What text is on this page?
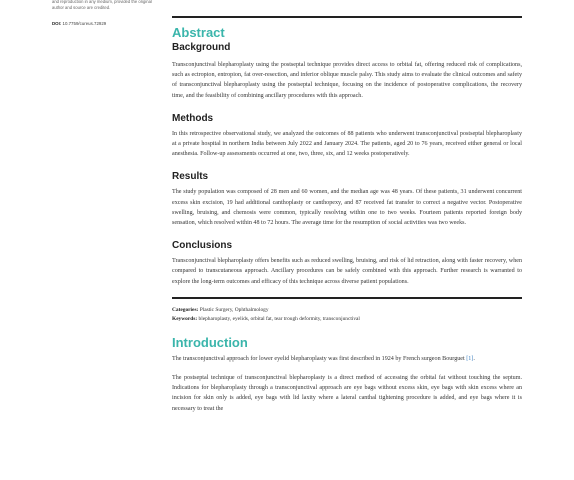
and reproduction in any medium, provided the original author and source are credited.
DOI: 10.7759/cureus.72929
Abstract
Background

Transconjunctival blepharoplasty using the postseptal technique provides direct access to orbital fat, offering reduced risk of complications, such as ectropion, entropion, fat over-resection, and inferior oblique muscle palsy. This study aims to evaluate the clinical outcomes and safety of transconjunctival blepharoplasty using the postseptal technique, focusing on the incidence of postoperative complications, the recovery time, and the feasibility of combining ancillary procedures with this approach.

Methods

In this retrospective observational study, we analyzed the outcomes of 88 patients who underwent transconjunctival postseptal blepharoplasty at a private hospital in northern India between July 2022 and January 2024. The patients, aged 20 to 76 years, received either general or local anesthesia. Follow-up assessments occurred at one, two, three, six, and 12 weeks postoperatively.

Results

The study population was composed of 28 men and 60 women, and the median age was 48 years. Of these patients, 31 underwent concurrent excess skin excision, 19 had additional canthoplasty or canthopexy, and 87 received fat transfer to correct a negative vector. Postoperative swelling, bruising, and chemosis were common, typically resolving within one to two weeks. Fourteen patients reported foreign body sensation, which resolved within 48 to 72 hours. The average time for the resumption of social activities was two weeks.

Conclusions

Transconjunctival blepharoplasty offers benefits such as reduced swelling, bruising, and risk of lid retraction, along with faster recovery, when compared to transcutaneous approach. Ancillary procedures can be safely combined with this approach. Further research is warranted to explore the long-term outcomes and efficacy of this technique across diverse patient populations.

Categories: Plastic Surgery, Ophthalmology
Keywords: blepharoplasty, eyelids, orbital fat, tear trough deformity, transconjunctival
Introduction

The transconjunctival approach for lower eyelid blepharoplasty was first described in 1924 by French surgeon Bourguet [1].

The postseptal technique of transconjunctival blepharoplasty is a direct method of accessing the orbital fat without touching the septum. Indications for blepharoplasty through a transconjunctival approach are eye bags without excess skin, eye bags with skin excess where an incision for skin only is added, eye bags with lid laxity where a lateral canthal tightening procedure is added, and eye bags where it is necessary to treat the
